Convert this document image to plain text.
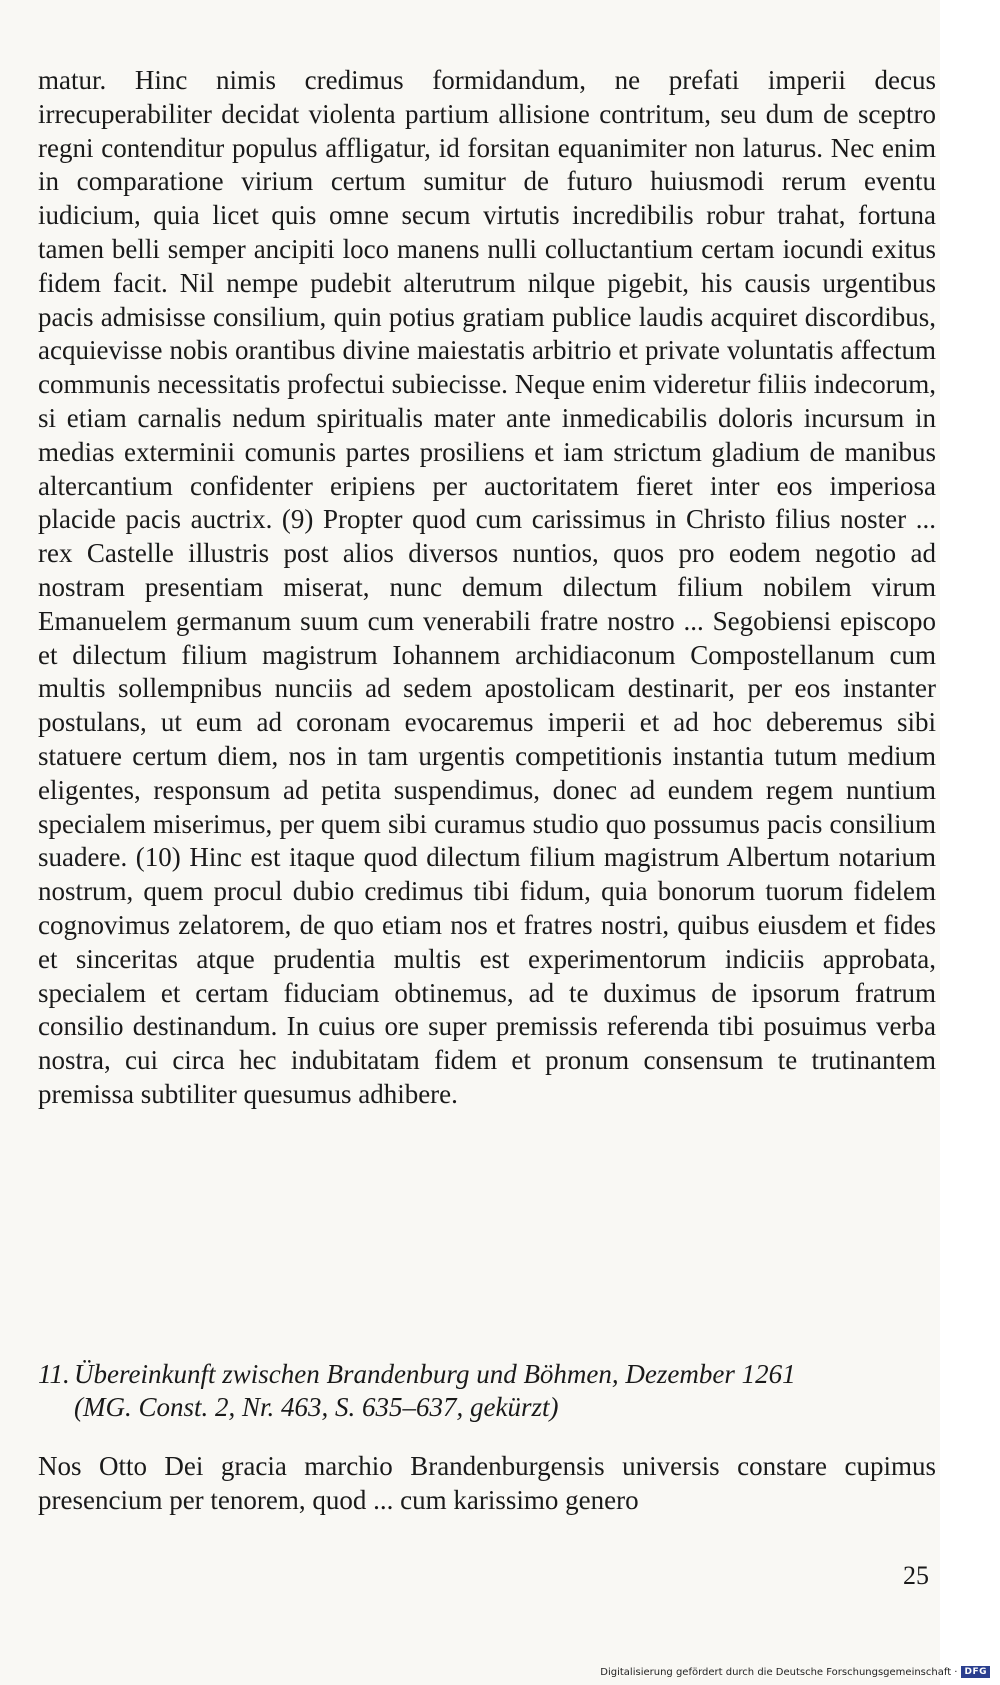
matur. Hinc nimis credimus formidandum, ne prefati imperii decus irrecuperabiliter decidat violenta partium allisione contritum, seu dum de sceptro regni contenditur populus affligatur, id forsitan equanimiter non laturus. Nec enim in comparatione virium certum sumitur de futuro huiusmodi rerum eventu iudicium, quia licet quis omne secum virtutis incredibilis robur trahat, fortuna tamen belli semper ancipiti loco manens nulli colluctantium certam iocundi exitus fidem facit. Nil nempe pudebit alterutrum nilque pigebit, his causis urgentibus pacis admisisse consilium, quin potius gratiam publice laudis acquiret discordibus, acquievisse nobis orantibus divine maiestatis arbitrio et private voluntatis affectum communis necessitatis profectui subiecisse. Neque enim videretur filiis indecorum, si etiam carnalis nedum spiritualis mater ante inmedicabilis doloris incursum in medias exterminii comunis partes prosiliens et iam strictum gladium de manibus altercantium confidenter eripiens per auctoritatem fieret inter eos imperiosa placide pacis auctrix. (9) Propter quod cum carissimus in Christo filius noster ... rex Castelle illustris post alios diversos nuntios, quos pro eodem negotio ad nostram presentiam miserat, nunc demum dilectum filium nobilem virum Emanuelem germanum suum cum venerabili fratre nostro ... Segobiensi episcopo et dilectum filium magistrum Iohannem archidiaconum Compostellanum cum multis sollempnibus nunciis ad sedem apostolicam destinarit, per eos instanter postulans, ut eum ad coronam evocaremus imperii et ad hoc deberemus sibi statuere certum diem, nos in tam urgentis competitionis instantia tutum medium eligentes, responsum ad petita suspendimus, donec ad eundem regem nuntium specialem miserimus, per quem sibi curamus studio quo possumus pacis consilium suadere. (10) Hinc est itaque quod dilectum filium magistrum Albertum notarium nostrum, quem procul dubio credimus tibi fidum, quia bonorum tuorum fidelem cognovimus zelatorem, de quo etiam nos et fratres nostri, quibus eiusdem et fides et sinceritas atque prudentia multis est experimentorum indiciis approbata, specialem et certam fiduciam obtinemus, ad te duximus de ipsorum fratrum consilio destinandum. In cuius ore super premissis referenda tibi posuimus verba nostra, cui circa hec indubitatam fidem et pronum consensum te trutinantem premissa subtiliter quesumus adhibere.

11. Übereinkunft zwischen Brandenburg und Böhmen, Dezember 1261
(MG. Const. 2, Nr. 463, S. 635–637, gekürzt)

Nos Otto Dei gracia marchio Brandenburgensis universis constare cupimus presencium per tenorem, quod ... cum karissimo genero

25
Digitalisierung gefördert durch die Deutsche Forschungsgemeinschaft · DFG
